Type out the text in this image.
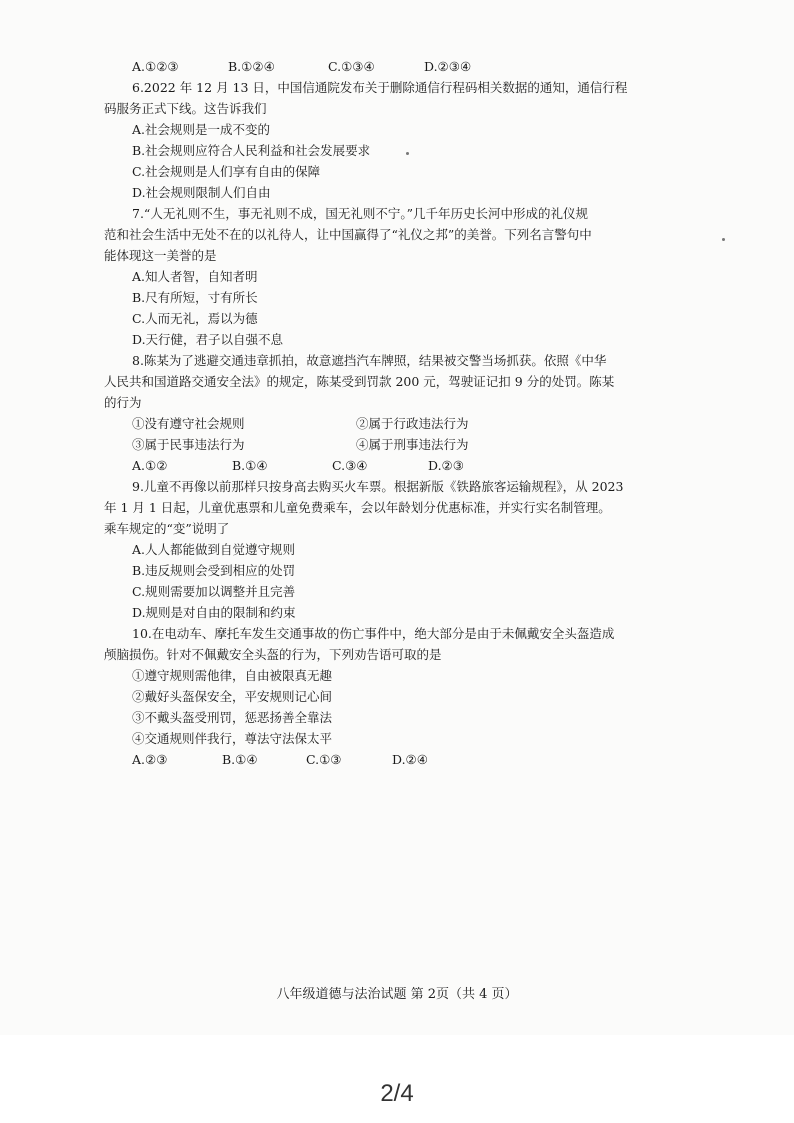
A.①②③	B.①②④	C.①③④	D.②③④
6.2022 年 12 月 13 日，中国信通院发布关于删除通信行程码相关数据的通知，通信行程
码服务正式下线。这告诉我们
A.社会规则是一成不变的
B.社会规则应符合人民利益和社会发展要求
C.社会规则是人们享有自由的保障
D.社会规则限制人们自由
7.“人无礼则不生，事无礼则不成，国无礼则不宁。”几千年历史长河中形成的礼仪规
范和社会生活中无处不在的以礼待人，让中国赢得了“礼仪之邦”的美誉。下列名言警句中
能体现这一美誉的是
A.知人者智，自知者明
B.尺有所短，寸有所长
C.人而无礼，焉以为德
D.天行健，君子以自强不息
8.陈某为了逃避交通违章抓拍，故意遮挡汽车牌照，结果被交警当场抓获。依照《中华
人民共和国道路交通安全法》的规定，陈某受到罚款 200 元，驾驶证记扣 9 分的处罚。陈某
的行为
①没有遵守社会规则	②属于行政违法行为
③属于民事违法行为	④属于刑事违法行为
A.①②	B.①④	C.③④	D.②③
9.儿童不再像以前那样只按身高去购买火车票。根据新版《铁路旅客运输规程》，从 2023
年 1 月 1 日起，儿童优惠票和儿童免费乘车，会以年龄划分优惠标准，并实行实名制管理。
乘车规定的“变”说明了
A.人人都能做到自觉遵守规则
B.违反规则会受到相应的处罚
C.规则需要加以调整并且完善
D.规则是对自由的限制和约束
10.在电动车、摩托车发生交通事故的伤亡事件中，绝大部分是由于未佩戴安全头盔造成
颅脑损伤。针对不佩戴安全头盔的行为，下列劝告语可取的是
①遵守规则需他律，自由被限真无趣
②戴好头盔保安全，平安规则记心间
③不戴头盔受刑罚，惩恶扬善全靠法
④交通规则伴我行，尊法守法保太平
A.②③	B.①④	C.①③	D.②④
八年级道德与法治试题 第 2页（共 4 页）
2/4
